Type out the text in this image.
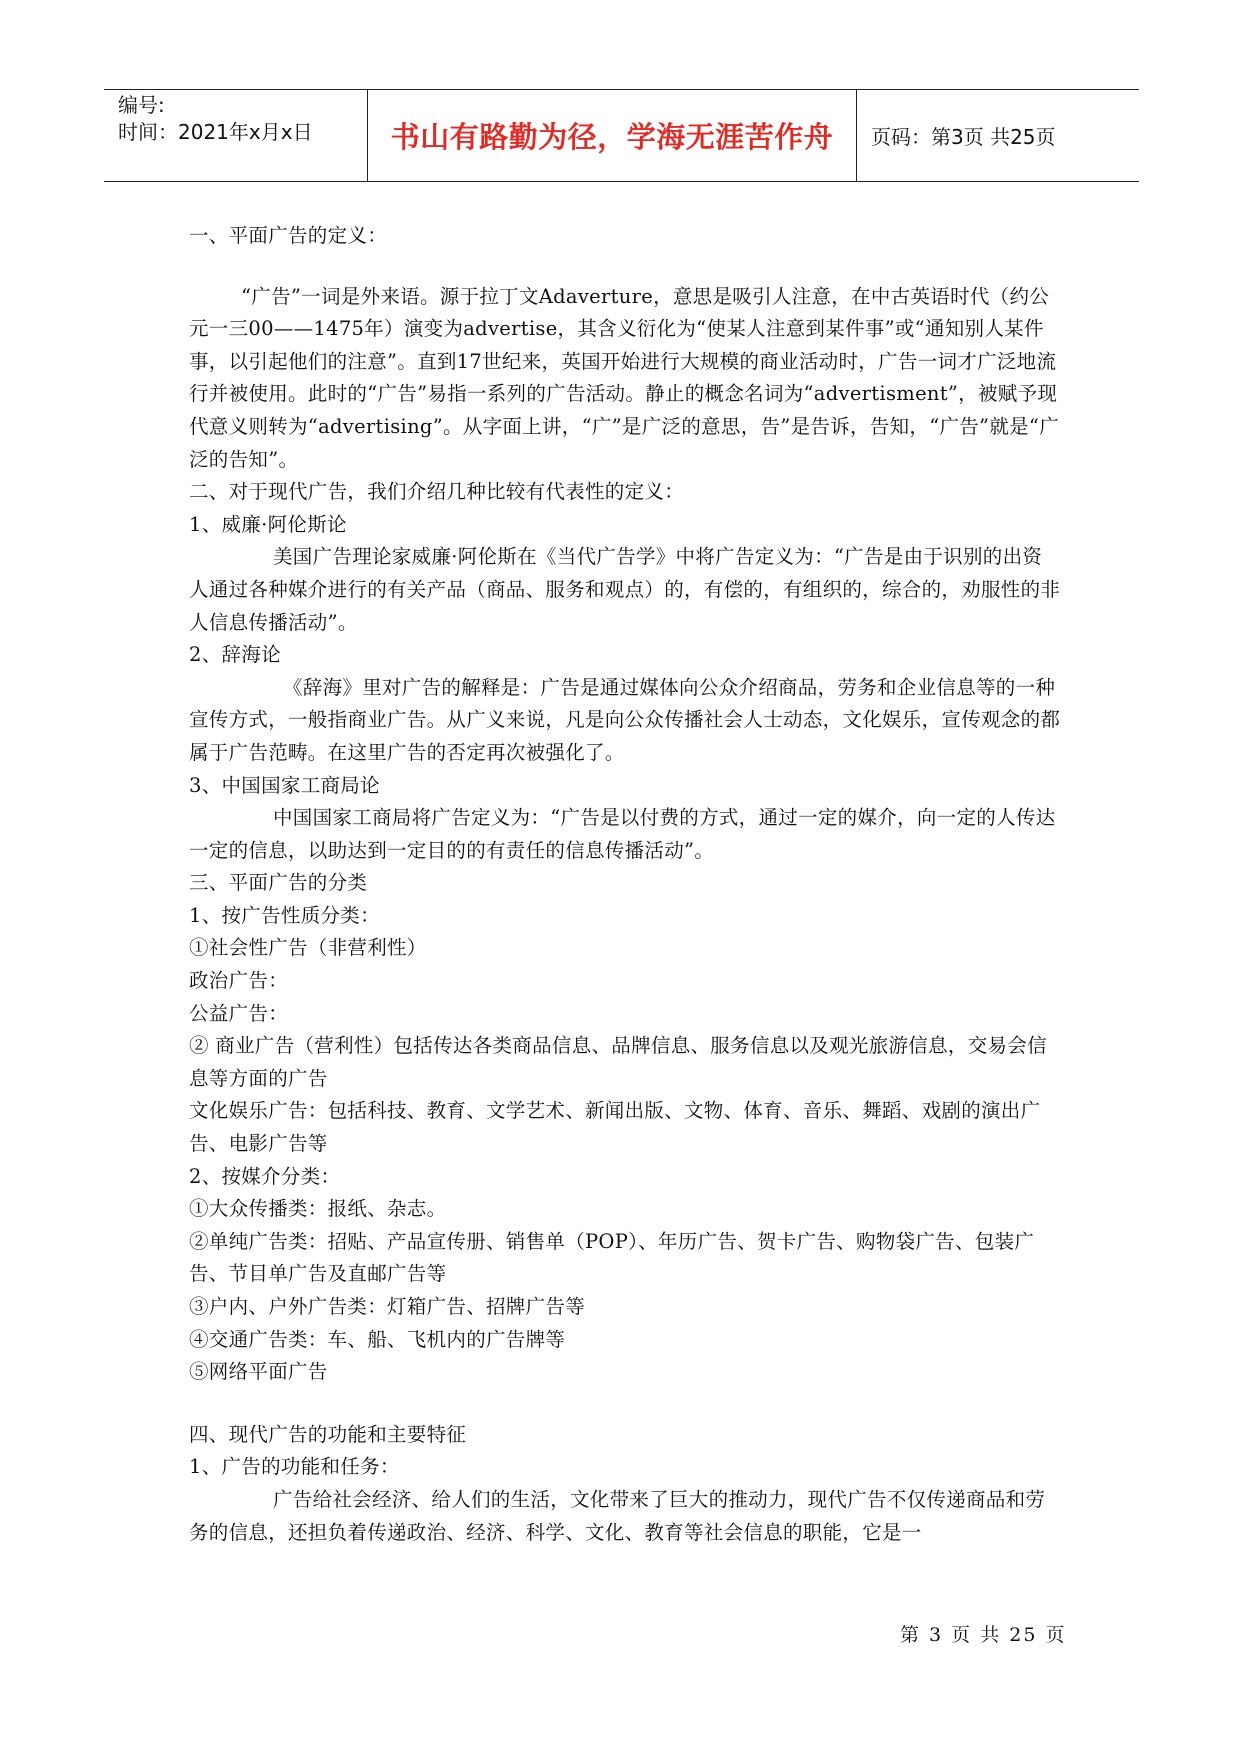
编号:
时间：2021年x月x日	书山有路勤为径，学海无涯苦作舟	页码：第3页 共25页

一、平面广告的定义：

“广告”一词是外来语。源于拉丁文Adaverture，意思是吸引人注意，在中古英语时代（约公元一三00——1475年）演变为advertise，其含义衍化为“使某人注意到某件事”或“通知别人某件事，以引起他们的注意”。直到17世纪来，英国开始进行大规模的商业活动时，广告一词才广泛地流行并被使用。此时的“广告”易指一系列的广告活动。静止的概念名词为“advertisment”，被赋予现代意义则转为“advertising”。从字面上讲，“广”是广泛的意思，告”是告诉，告知，“广告”就是“广泛的告知”。

二、对于现代广告，我们介绍几种比较有代表性的定义：

1、威廉·阿伦斯论

美国广告理论家威廉·阿伦斯在《当代广告学》中将广告定义为：“广告是由于识别的出资人通过各种媒介进行的有关产品（商品、服务和观点）的，有偿的，有组织的，综合的，劝服性的非人信息传播活动”。

2、辞海论

《辞海》里对广告的解释是：广告是通过媒体向公众介绍商品，劳务和企业信息等的一种宣传方式，一般指商业广告。从广义来说，凡是向公众传播社会人士动态，文化娱乐，宣传观念的都属于广告范畴。在这里广告的否定再次被强化了。

3、中国国家工商局论

中国国家工商局将广告定义为：“广告是以付费的方式，通过一定的媒介，向一定的人传达一定的信息，以助达到一定目的的有责任的信息传播活动”。

三、平面广告的分类

1、按广告性质分类：

①社会性广告（非营利性）

政治广告：

公益广告：

② 商业广告（营利性）包括传达各类商品信息、品牌信息、服务信息以及观光旅游信息，交易会信息等方面的广告

文化娱乐广告：包括科技、教育、文学艺术、新闻出版、文物、体育、音乐、舞蹈、戏剧的演出广告、电影广告等

2、按媒介分类：

①大众传播类：报纸、杂志。

②单纯广告类：招贴、产品宣传册、销售单（POP）、年历广告、贺卡广告、购物袋广告、包装广告、节目单广告及直邮广告等

③户内、户外广告类：灯箱广告、招牌广告等

④交通广告类：车、船、飞机内的广告牌等

⑤网络平面广告

四、现代广告的功能和主要特征

1、广告的功能和任务：

广告给社会经济、给人们的生活，文化带来了巨大的推动力，现代广告不仅传递商品和劳务的信息，还担负着传递政治、经济、科学、文化、教育等社会信息的职能，它是一

第 3 页 共 25 页
